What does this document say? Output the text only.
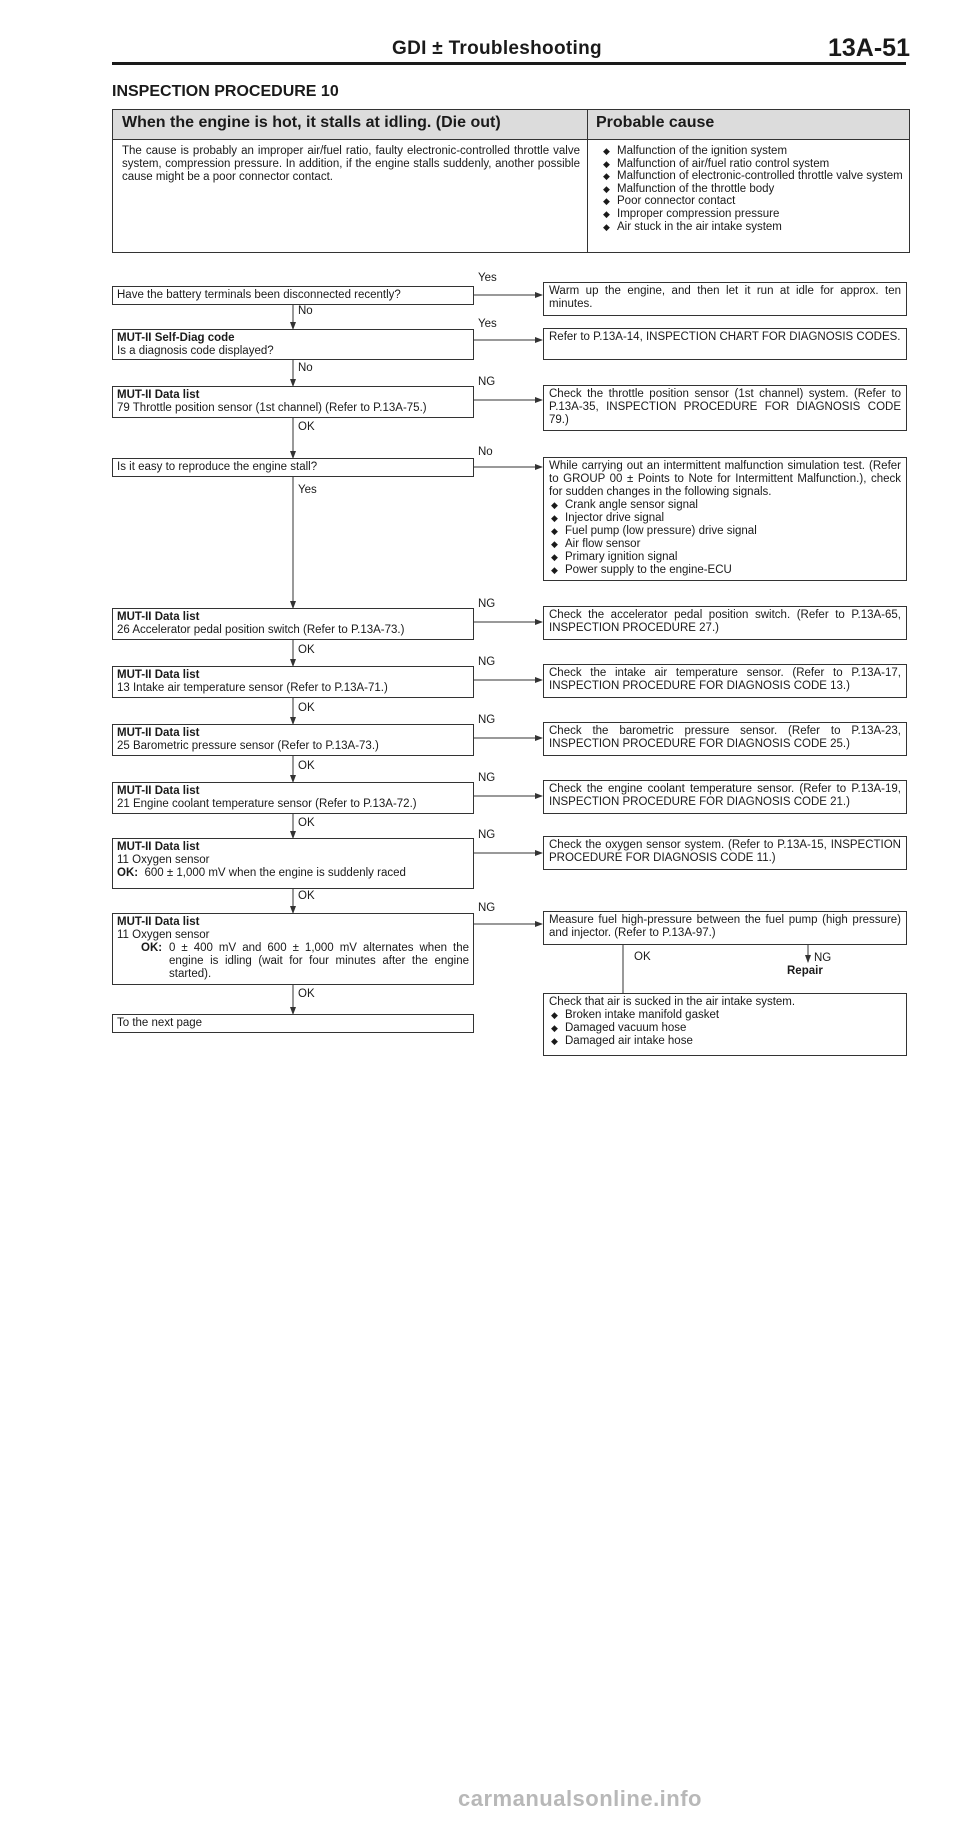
GDI ± Troubleshooting	13A-51
INSPECTION PROCEDURE 10
When the engine is hot, it stalls at idling. (Die out)	Probable cause
The cause is probably an improper air/fuel ratio, faulty electronic-controlled throttle valve system, compression pressure. In addition, if the engine stalls suddenly, another possible cause might be a poor connector contact.
◆ Malfunction of the ignition system
◆ Malfunction of air/fuel ratio control system
◆ Malfunction of electronic-controlled throttle valve system
◆ Malfunction of the throttle body
◆ Poor connector contact
◆ Improper compression pressure
◆ Air stuck in the air intake system
Have the battery terminals been disconnected recently?
Yes
No
Warm up the engine, and then let it run at idle for approx. ten minutes.
MUT-II Self-Diag code
Is a diagnosis code displayed?
Yes
No
Refer to P.13A-14, INSPECTION CHART FOR DIAGNOSIS CODES.
MUT-II Data list
79 Throttle position sensor (1st channel) (Refer to P.13A-75.)
NG
OK
Check the throttle position sensor (1st channel) system. (Refer to P.13A-35, INSPECTION PROCEDURE FOR DIAGNOSIS CODE 79.)
Is it easy to reproduce the engine stall?
No
Yes
While carrying out an intermittent malfunction simulation test. (Refer to GROUP 00 ± Points to Note for Intermittent Malfunction.), check for sudden changes in the following signals.
◆ Crank angle sensor signal
◆ Injector drive signal
◆ Fuel pump (low pressure) drive signal
◆ Air flow sensor
◆ Primary ignition signal
◆ Power supply to the engine-ECU
MUT-II Data list
26 Accelerator pedal position switch (Refer to P.13A-73.)
NG
OK
Check the accelerator pedal position switch. (Refer to P.13A-65, INSPECTION PROCEDURE 27.)
MUT-II Data list
13 Intake air temperature sensor (Refer to P.13A-71.)
NG
OK
Check the intake air temperature sensor. (Refer to P.13A-17, INSPECTION PROCEDURE FOR DIAGNOSIS CODE 13.)
MUT-II Data list
25 Barometric pressure sensor (Refer to P.13A-73.)
NG
OK
Check the barometric pressure sensor. (Refer to P.13A-23, INSPECTION PROCEDURE FOR DIAGNOSIS CODE 25.)
MUT-II Data list
21 Engine coolant temperature sensor (Refer to P.13A-72.)
NG
OK
Check the engine coolant temperature sensor. (Refer to P.13A-19, INSPECTION PROCEDURE FOR DIAGNOSIS CODE 21.)
MUT-II Data list
11 Oxygen sensor
OK: 600 ± 1,000 mV when the engine is suddenly raced
NG
OK
Check the oxygen sensor system. (Refer to P.13A-15, INSPECTION PROCEDURE FOR DIAGNOSIS CODE 11.)
MUT-II Data list
11 Oxygen sensor
OK: 0 ± 400 mV and 600 ± 1,000 mV alternates when the engine is idling (wait for four minutes after the engine started).
NG
OK
Measure fuel high-pressure between the fuel pump (high pressure) and injector. (Refer to P.13A-97.)
OK	NG
Repair
Check that air is sucked in the air intake system.
◆ Broken intake manifold gasket
◆ Damaged vacuum hose
◆ Damaged air intake hose
To the next page
carmanualsonline.info
